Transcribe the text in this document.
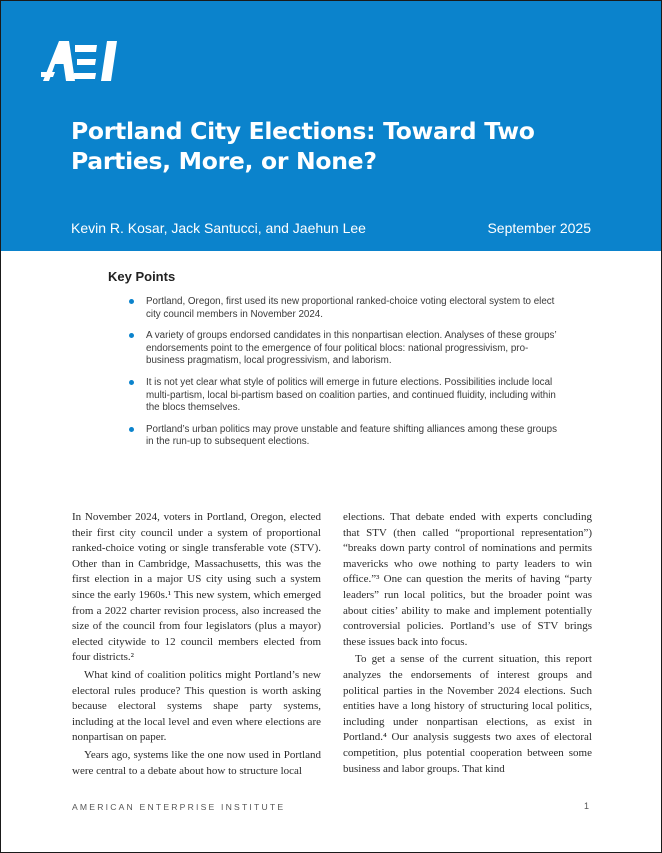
Portland City Elections: Toward Two Parties, More, or None?
Kevin R. Kosar, Jack Santucci, and Jaehun Lee	September 2025
Key Points
Portland, Oregon, first used its new proportional ranked-choice voting electoral system to elect city council members in November 2024.
A variety of groups endorsed candidates in this nonpartisan election. Analyses of these groups’ endorsements point to the emergence of four political blocs: national progressivism, pro-business pragmatism, local progressivism, and laborism.
It is not yet clear what style of politics will emerge in future elections. Possibilities include local multi-partism, local bi-partism based on coalition parties, and continued fluidity, including within the blocs themselves.
Portland’s urban politics may prove unstable and feature shifting alliances among these groups in the run-up to subsequent elections.

In November 2024, voters in Portland, Oregon, elected their first city council under a system of proportional ranked-choice voting or single transferable vote (STV). Other than in Cambridge, Massachusetts, this was the first election in a major US city using such a system since the early 1960s.¹ This new system, which emerged from a 2022 charter revision process, also increased the size of the council from four legislators (plus a mayor) elected citywide to 12 council members elected from four districts.²

What kind of coalition politics might Portland’s new electoral rules produce? This question is worth asking because electoral systems shape party systems, including at the local level and even where elections are nonpartisan on paper.

Years ago, systems like the one now used in Portland were central to a debate about how to structure local

elections. That debate ended with experts concluding that STV (then called “proportional representation”) “breaks down party control of nominations and permits mavericks who owe nothing to party leaders to win office.”³ One can question the merits of having “party leaders” run local politics, but the broader point was about cities’ ability to make and implement potentially controversial policies. Portland’s use of STV brings these issues back into focus.

To get a sense of the current situation, this report analyzes the endorsements of interest groups and political parties in the November 2024 elections. Such entities have a long history of structuring local politics, including under nonpartisan elections, as exist in Portland.⁴ Our analysis suggests two axes of electoral competition, plus potential cooperation between some business and labor groups. That kind

AMERICAN ENTERPRISE INSTITUTE	1
